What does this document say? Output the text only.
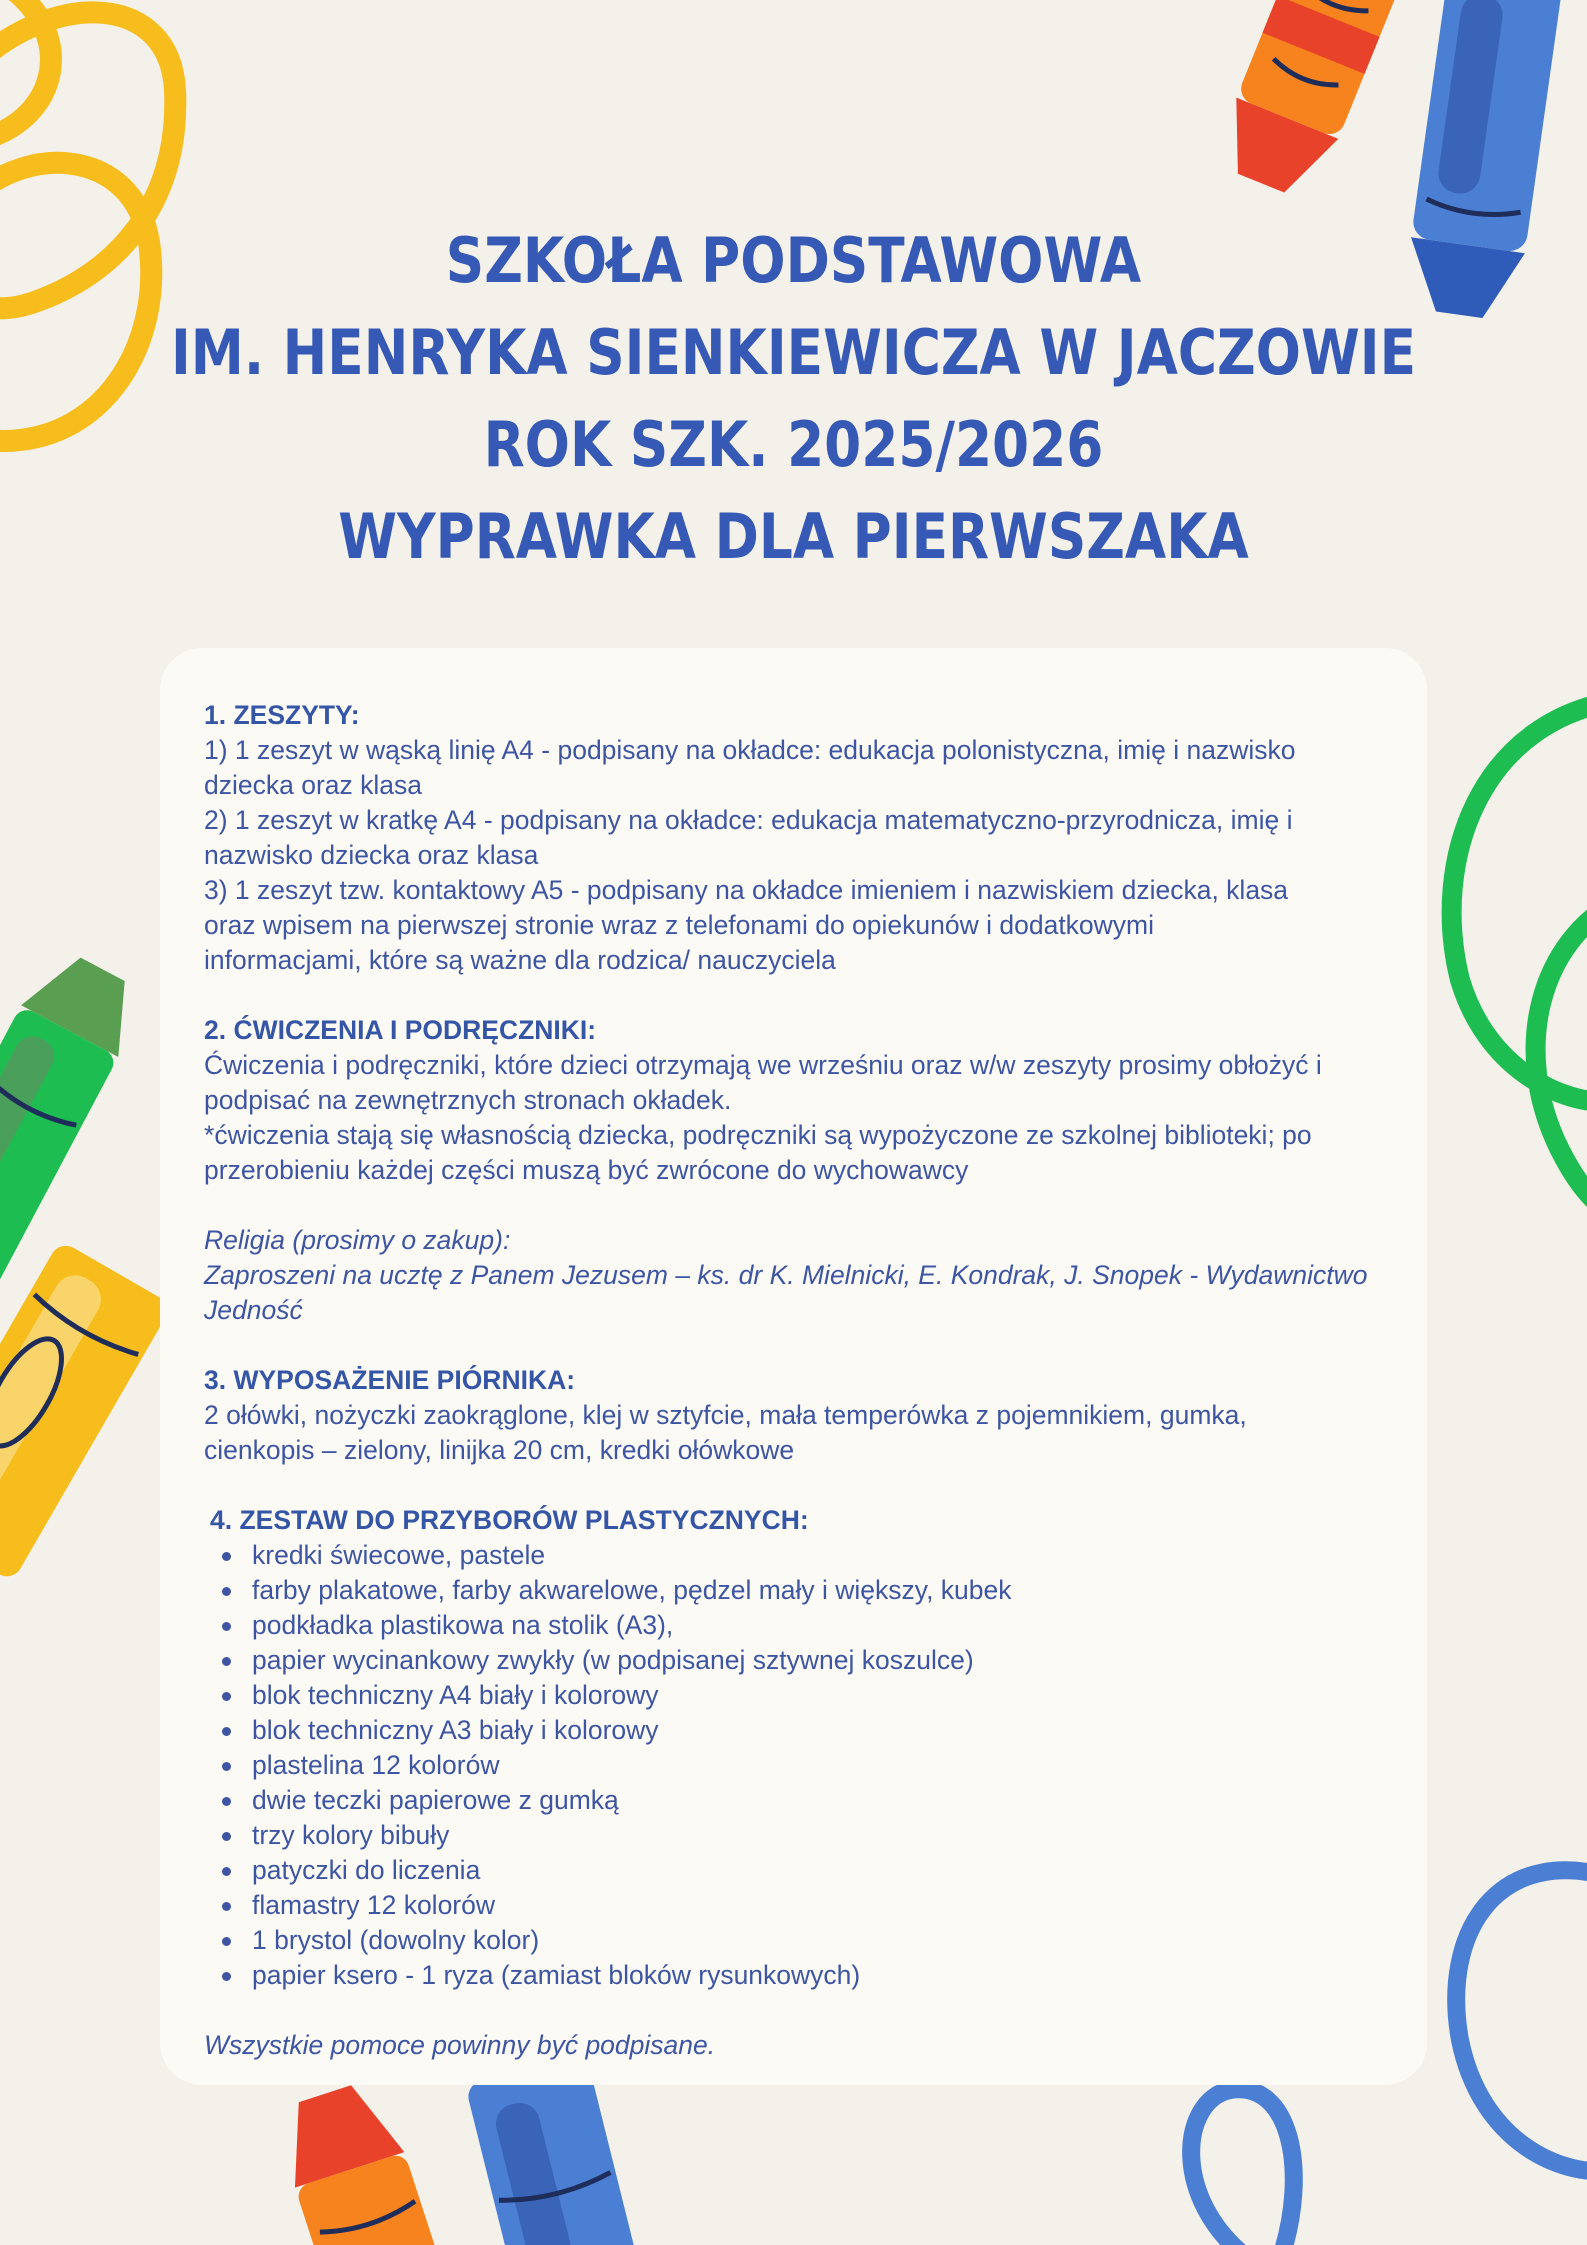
SZKOŁA PODSTAWOWA
IM. HENRYKA SIENKIEWICZA W JACZOWIE
ROK SZK. 2025/2026
WYPRAWKA DLA PIERWSZAKA
1. ZESZYTY:

1) 1 zeszyt w wąską linię A4 - podpisany na okładce: edukacja polonistyczna, imię i nazwisko

dziecka oraz klasa

2) 1 zeszyt w kratkę A4 - podpisany na okładce: edukacja matematyczno-przyrodnicza, imię i

nazwisko dziecka oraz klasa

3) 1 zeszyt tzw. kontaktowy A5 - podpisany na okładce imieniem i nazwiskiem dziecka, klasa

oraz wpisem na pierwszej stronie wraz z telefonami do opiekunów i dodatkowymi

informacjami, które są ważne dla rodzica/ nauczyciela

2. ĆWICZENIA I PODRĘCZNIKI:

Ćwiczenia i podręczniki, które dzieci otrzymają we wrześniu oraz w/w zeszyty prosimy obłożyć i

podpisać na zewnętrznych stronach okładek.

*ćwiczenia stają się własnością dziecka, podręczniki są wypożyczone ze szkolnej biblioteki; po

przerobieniu każdej części muszą być zwrócone do wychowawcy

Religia (prosimy o zakup):

Zaproszeni na ucztę z Panem Jezusem – ks. dr K. Mielnicki, E. Kondrak, J. Snopek - Wydawnictwo

Jedność

3. WYPOSAŻENIE PIÓRNIKA:

2 ołówki, nożyczki zaokrąglone, klej w sztyfcie, mała temperówka z pojemnikiem, gumka,

cienkopis – zielony, linijka 20 cm, kredki ołówkowe

4. ZESTAW DO PRZYBORÓW PLASTYCZNYCH:
kredki świecowe, pastele
farby plakatowe, farby akwarelowe, pędzel mały i większy, kubek
podkładka plastikowa na stolik (A3),
papier wycinankowy zwykły (w podpisanej sztywnej koszulce)
blok techniczny A4 biały i kolorowy
blok techniczny A3 biały i kolorowy
plastelina 12 kolorów
dwie teczki papierowe z gumką
trzy kolory bibuły
patyczki do liczenia
flamastry 12 kolorów
1 brystol (dowolny kolor)
papier ksero - 1 ryza (zamiast bloków rysunkowych)

Wszystkie pomoce powinny być podpisane.
